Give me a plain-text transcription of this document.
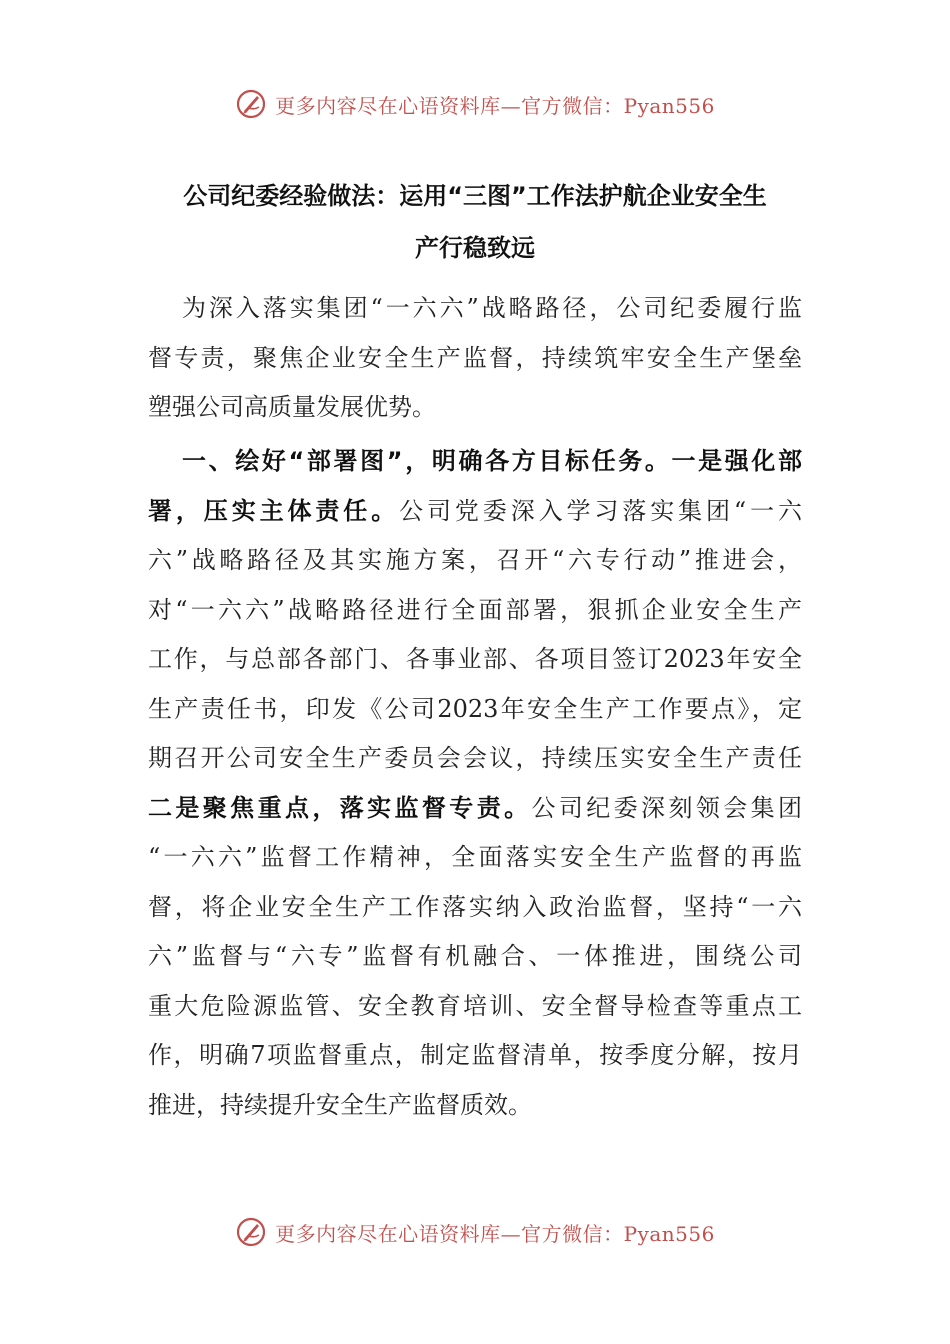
更多内容尽在心语资料库—官方微信：Pyan556
公司纪委经验做法：运用“三图”工作法护航企业安全生
产行稳致远
为深入落实集团“一六六”战略路径，公司纪委履行监
督专责，聚焦企业安全生产监督，持续筑牢安全生产堡垒
塑强公司高质量发展优势。
一、绘好“部署图”，明确各方目标任务。一是强化部
署，压实主体责任。公司党委深入学习落实集团“一六
六”战略路径及其实施方案，召开“六专行动”推进会，
对“一六六”战略路径进行全面部署，狠抓企业安全生产
工作，与总部各部门、各事业部、各项目签订2023年安全
生产责任书，印发《公司2023年安全生产工作要点》，定
期召开公司安全生产委员会会议，持续压实安全生产责任
二是聚焦重点，落实监督专责。公司纪委深刻领会集团
“一六六”监督工作精神，全面落实安全生产监督的再监
督，将企业安全生产工作落实纳入政治监督，坚持“一六
六”监督与“六专”监督有机融合、一体推进，围绕公司
重大危险源监管、安全教育培训、安全督导检查等重点工
作，明确7项监督重点，制定监督清单，按季度分解，按月
推进，持续提升安全生产监督质效。
更多内容尽在心语资料库—官方微信：Pyan556
